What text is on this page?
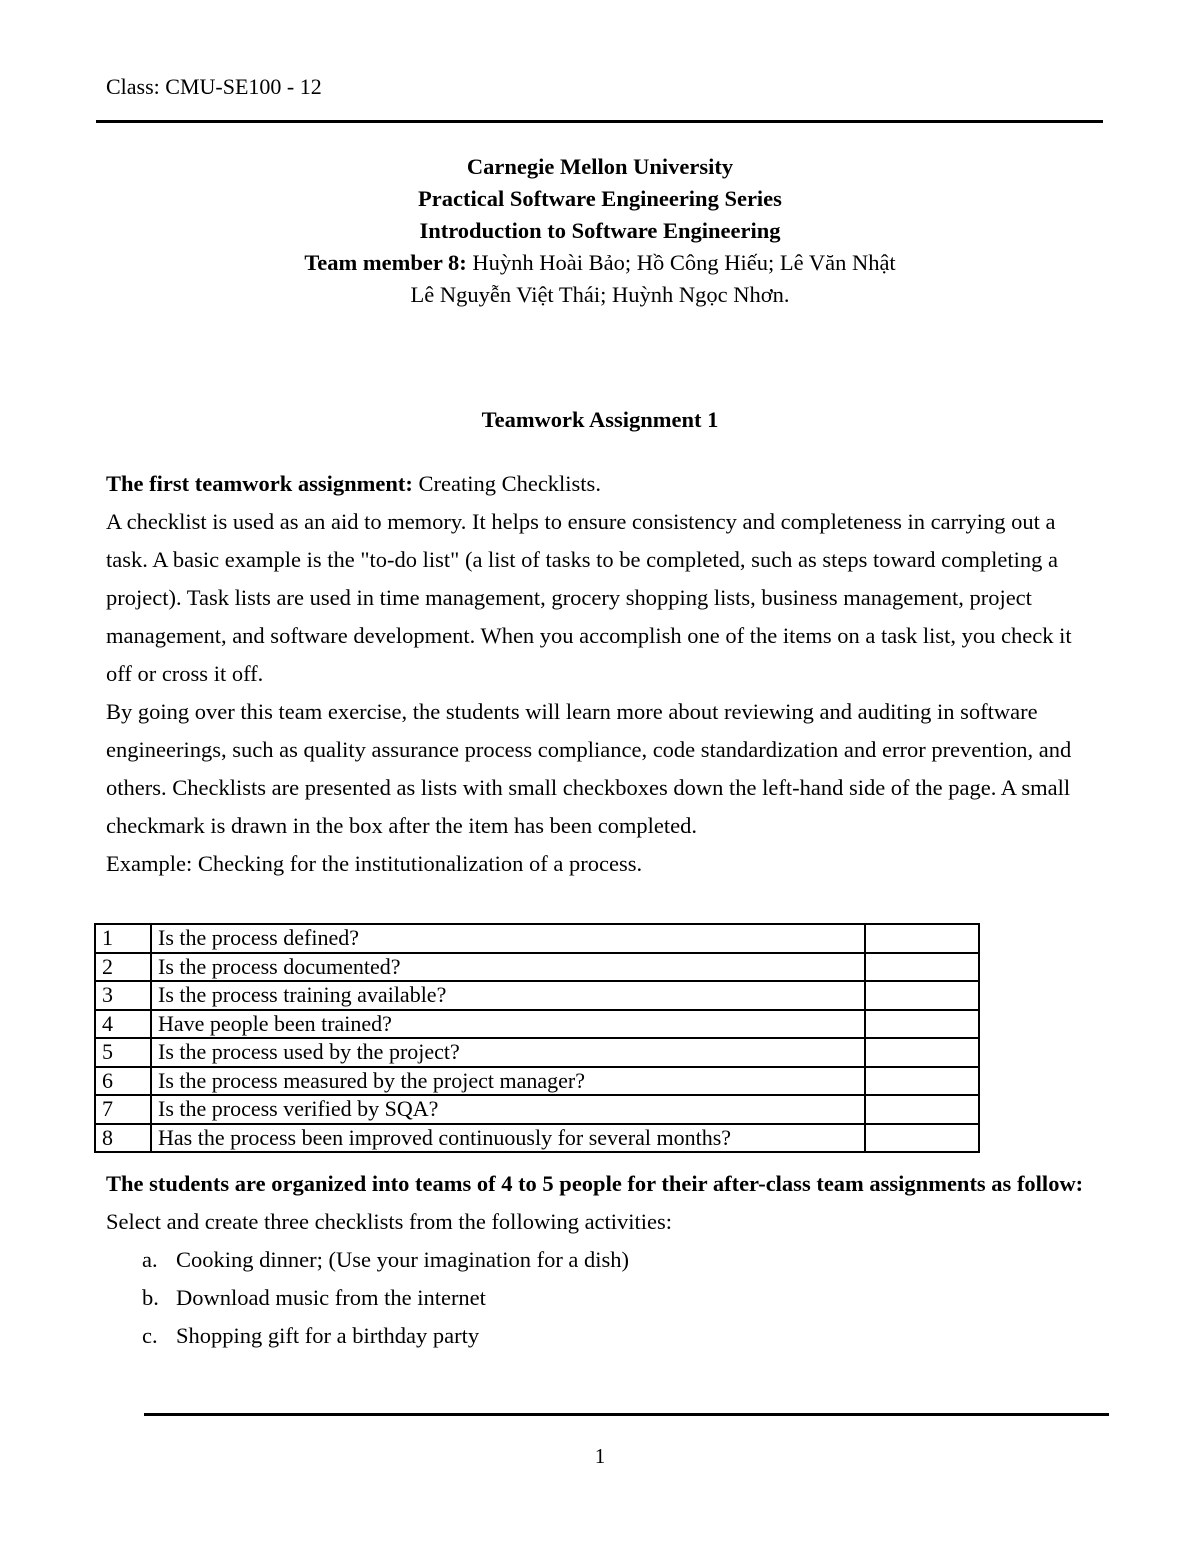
Class: CMU-SE100 - 12
Carnegie Mellon University
Practical Software Engineering Series
Introduction to Software Engineering
Team member 8: Huỳnh Hoài Bảo; Hồ Công Hiếu; Lê Văn Nhật
Lê Nguyễn Việt Thái; Huỳnh Ngọc Nhơn.
Teamwork Assignment 1

The first teamwork assignment: Creating Checklists.

A checklist is used as an aid to memory. It helps to ensure consistency and completeness in carrying out a task. A basic example is the "to-do list" (a list of tasks to be completed, such as steps toward completing a project). Task lists are used in time management, grocery shopping lists, business management, project management, and software development. When you accomplish one of the items on a task list, you check it off or cross it off.

By going over this team exercise, the students will learn more about reviewing and auditing in software engineerings, such as quality assurance process compliance, code standardization and error prevention, and others. Checklists are presented as lists with small checkboxes down the left-hand side of the page. A small checkmark is drawn in the box after the item has been completed.

Example: Checking for the institutionalization of a process.

1	Is the process defined?	
2	Is the process documented?	
3	Is the process training available?	
4	Have people been trained?	
5	Is the process used by the project?	
6	Is the process measured by the project manager?	
7	Is the process verified by SQA?	
8	Has the process been improved continuously for several months?	

The students are organized into teams of 4 to 5 people for their after-class team assignments as follow:

Select and create three checklists from the following activities:

a. Cooking dinner; (Use your imagination for a dish)
b. Download music from the internet
c. Shopping gift for a birthday party
1
